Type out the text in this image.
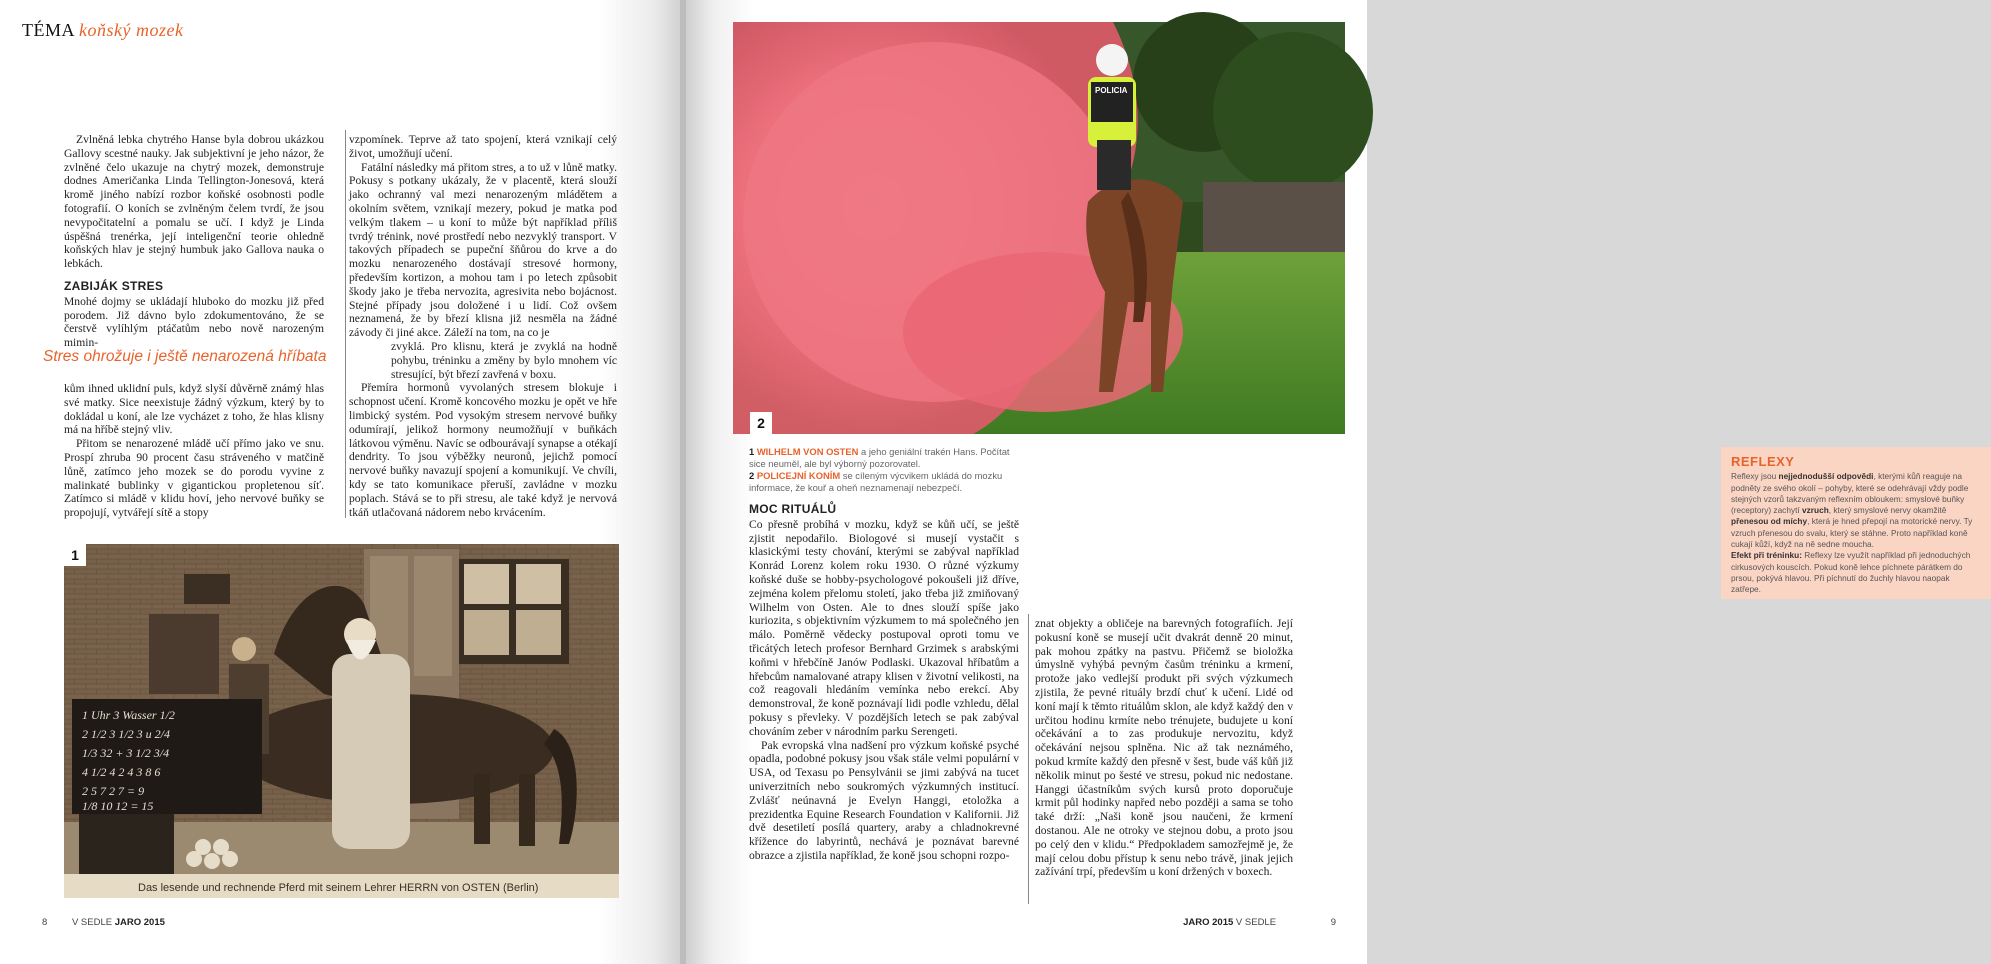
TÉMA koňský mozek

Zvlněná lebka chytrého Hanse byla dobrou ukázkou Gallovy scestné nauky. Jak subjektivní je jeho názor, že zvlněné čelo ukazuje na chytrý mozek, demonstruje dodnes Američanka Linda Tellington-Jonesová, která kromě jiného nabízí rozbor koňské osobnosti podle fotografií. O koních se zvlněným čelem tvrdí, že jsou nevypočitatelní a pomalu se učí. I když je Linda úspěšná trenérka, její inteligenční teorie ohledně koňských hlav je stejný humbuk jako Gallova nauka o lebkách.

ZABIJÁK STRES

Mnohé dojmy se ukládají hluboko do mozku již před porodem. Již dávno bylo zdokumentováno, že se čerstvě vylíhlým ptáčatům nebo nově narozeným mimin-

Stres ohrožuje i ještě nenarozená hříbata

kům ihned uklidní puls, když slyší důvěrně známý hlas své matky. Sice neexistuje žádný výzkum, který by to dokládal u koní, ale lze vycházet z toho, že hlas klisny má na hříbě stejný vliv.

Přitom se nenarozené mládě učí přímo jako ve snu. Prospí zhruba 90 procent času stráveného v matčině lůně, zatímco jeho mozek se do porodu vyvine z malinkaté bublinky v gigantickou propletenou síť. Zatímco si mládě v klidu hoví, jeho nervové buňky se propojují, vytvářejí sítě a stopy

vzpomínek. Teprve až tato spojení, která vznikají celý život, umožňují učení.

Fatální následky má přitom stres, a to už v lůně matky. Pokusy s potkany ukázaly, že v placentě, která slouží jako ochranný val mezi nenarozeným mládětem a okolním světem, vznikají mezery, pokud je matka pod velkým tlakem – u koní to může být například příliš tvrdý trénink, nové prostředí nebo nezvyklý transport. V takových případech se pupeční šňůrou do krve a do mozku nenarozeného dostávají stresové hormony, především kortizon, a mohou tam i po letech způsobit škody jako je třeba nervozita, agresivita nebo bojácnost. Stejné případy jsou doložené i u lidí. Což ovšem neznamená, že by březí klisna již nesměla na žádné závody či jiné akce. Záleží na tom, na co je

zvyklá. Pro klisnu, která je zvyklá na hodně pohybu, tréninku a změny by bylo mnohem víc stresující, být březí zavřená v boxu.

Přemíra hormonů vyvolaných stresem blokuje i schopnost učení. Kromě koncového mozku je opět ve hře limbický systém. Pod vysokým stresem nervové buňky odumírají, jelikož hormony neumožňují v buňkách látkovou výměnu. Navíc se odbourávají synapse a otékají dendrity. To jsou výběžky neuronů, jejichž pomocí nervové buňky navazují spojení a komunikují. Ve chvíli, kdy se tato komunikace přeruší, zavládne v mozku poplach. Stává se to při stresu, ale také když je nervová tkáň utlačovaná nádorem nebo krvácením.

1 Uhr 3 Wasser 1/2
2 1/2 3 1/2 3 u 2/4
1/3 32 + 3 1/2 3/4
4 1/2 4 2 4 3 8 6
2 5 7 2 7 = 9
1/8 10 12 = 15
Das lesende und rechnende Pferd mit seinem Lehrer HERRN von OSTEN (Berlin)
1
8	V SEDLE JARO 2015
POLICIA
2
1 WILHELM VON OSTEN a jeho geniální trakén Hans. Počítat sice neuměl, ale byl výborný pozorovatel.
2 POLICEJNÍ KONÍM se cíleným výcvikem ukládá do mozku informace, že kouř a oheň neznamenají nebezpečí.
MOC RITUÁLŮ

Co přesně probíhá v mozku, když se kůň učí, se ještě zjistit nepodařilo. Biologové si musejí vystačit s klasickými testy chování, kterými se zabýval například Konrád Lorenz kolem roku 1930. O různé výzkumy koňské duše se hobby-psychologové pokoušeli již dříve, zejména kolem přelomu století, jako třeba již zmiňovaný Wilhelm von Osten. Ale to dnes slouží spíše jako kuriozita, s objektivním výzkumem to má společného jen málo. Poměrně vědecky postupoval oproti tomu ve třicátých letech profesor Bernhard Grzimek s arabskými koňmi v hřebčíně Janów Podlaski. Ukazoval hříbatům a hřebcům namalované atrapy klisen v životní velikosti, na což reagovali hledáním vemínka nebo erekcí. Aby demonstroval, že koně poznávají lidi podle vzhledu, dělal pokusy s převleky. V pozdějších letech se pak zabýval chováním zeber v národním parku Serengeti.

Pak evropská vlna nadšení pro výzkum koňské psyché opadla, podobné pokusy jsou však stále velmi populární v USA, od Texasu po Pensylvánii se jimi zabývá na tucet univerzitních nebo soukromých výzkumných institucí. Zvlášť neúnavná je Evelyn Hanggi, etoložka a prezidentka Equine Research Foundation v Kalifornii. Již dvě desetiletí posílá quartery, araby a chladnokrevné křížence do labyrintů, nechává je poznávat barevné obrazce a zjistila například, že koně jsou schopni rozpo-

REFLEXY

Reflexy jsou nejjednodušší odpovědi, kterými kůň reaguje na podněty ze svého okolí – pohyby, které se odehrávají vždy podle stejných vzorů takzvaným reflexním obloukem: smyslové buňky (receptory) zachytí vzruch, který smyslové nervy okamžitě přenesou od míchy, která je hned přepojí na motorické nervy. Ty vzruch přenesou do svalu, který se stáhne. Proto například koně cukají kůží, když na ně sedne moucha.

Efekt při tréninku: Reflexy lze využít například při jednoduchých cirkusových kouscích. Pokud koně lehce píchnete párátkem do prsou, pokývá hlavou. Při píchnutí do žuchly hlavou naopak zatřepe.

znat objekty a obličeje na barevných fotografiích. Její pokusní koně se musejí učit dvakrát denně 20 minut, pak mohou zpátky na pastvu. Přičemž se bioložka úmyslně vyhýbá pevným časům tréninku a krmení, protože jako vedlejší produkt při svých výzkumech zjistila, že pevné rituály brzdí chuť k učení. Lidé od koní mají k těmto rituálům sklon, ale když každý den v určitou hodinu krmíte nebo trénujete, budujete u koní očekávání a to zas produkuje nervozitu, když očekávání nejsou splněna. Nic až tak neznámého, pokud krmíte každý den přesně v šest, bude váš kůň již několik minut po šesté ve stresu, pokud nic nedostane. Hanggi účastníkům svých kursů proto doporučuje krmit půl hodinky napřed nebo později a sama se toho také drží: „Naši koně jsou naučeni, že krmení dostanou. Ale ne otroky ve stejnou dobu, a proto jsou po celý den v klidu.“ Předpokladem samozřejmě je, že mají celou dobu přístup k senu nebo trávě, jinak jejich zažívání trpí, především u koní držených v boxech.

JARO 2015 V SEDLE	9
